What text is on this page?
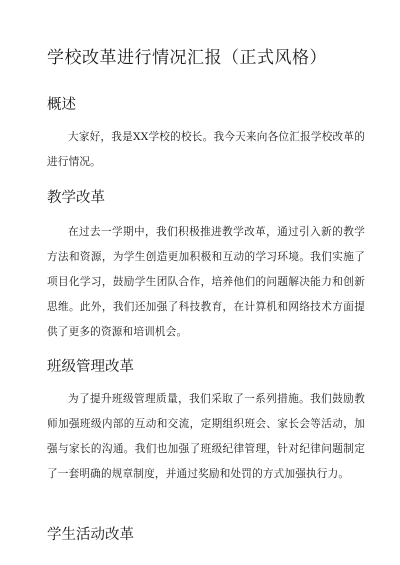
学校改革进行情况汇报（正式风格）
概述
大家好，我是XX学校的校长。我今天来向各位汇报学校改革的进行情况。
教学改革
在过去一学期中，我们积极推进教学改革，通过引入新的教学方法和资源，为学生创造更加积极和互动的学习环境。我们实施了项目化学习，鼓励学生团队合作，培养他们的问题解决能力和创新思维。此外，我们还加强了科技教育，在计算机和网络技术方面提供了更多的资源和培训机会。
班级管理改革
为了提升班级管理质量，我们采取了一系列措施。我们鼓励教师加强班级内部的互动和交流，定期组织班会、家长会等活动，加强与家长的沟通。我们也加强了班级纪律管理，针对纪律问题制定了一套明确的规章制度，并通过奖励和处罚的方式加强执行力。
学生活动改革
